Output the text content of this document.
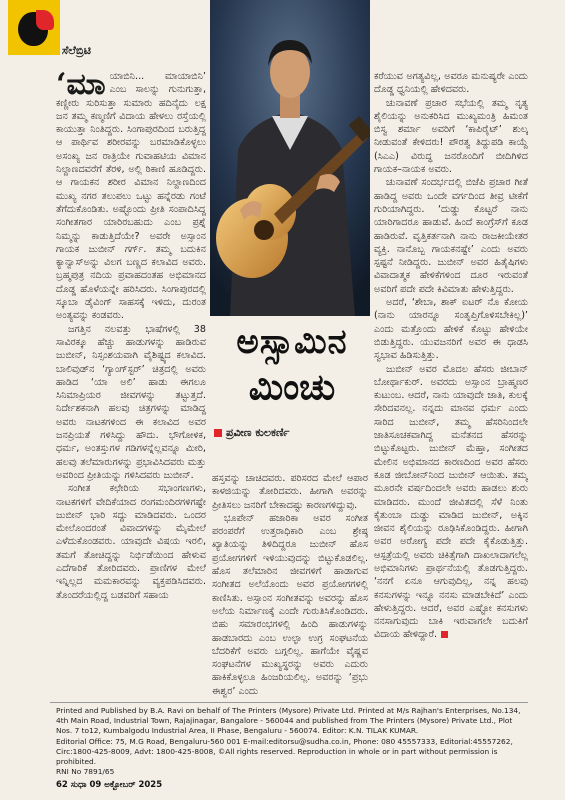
ಸೆಲೆಬ್ರಿಟಿ

‘ಮಾಯಾಬಿನಿ... ಮಾಯಾಬಿನಿ’ ಎಂಬ ಸಾಲನ್ನು ಗುನುಗುತ್ತಾ, ಕಣ್ಣೀರು ಸುರಿಸುತ್ತಾ ಸುಮಾರು ಹದಿನೈದು ಲಕ್ಷ ಜನ ತಮ್ಮ ಕಣ್ಮಣಿಗೆ ವಿದಾಯ ಹೇಳಲು ರಸ್ತೆಯಲ್ಲಿ ಕಾಯುತ್ತಾ ನಿಂತಿದ್ದರು. ಸಿಂಗಾಪುರದಿಂದ ಬರುತ್ತಿದ್ದ ಆ ಪಾರ್ಥಿವ ಶರೀರವನ್ನು ಬರಮಾಡಿಕೊಳ್ಳಲು ಅಸಂಖ್ಯ ಜನ ರಾತ್ರಿಯೇ ಗುವಾಹಟಿಯ ವಿಮಾನ ನಿಲ್ದಾಣದವರೆಗೆ ತೆರಳಿ, ಅಲ್ಲಿ ಠಿಕಾಣಿ ಹೂಡಿದ್ದರು. ಆ ಗಾಯಕನ ಶರೀರ ವಿಮಾನ ನಿಲ್ದಾಣದಿಂದ ಮುಖ್ಯ ನಗರ ತಲುಪಲು ಒಟ್ಟು ಹನ್ನೆರಡು ಗಂಟೆ ತೆಗೆದುಕೊಂಡಿತು. ಅಷ್ಟೊಂದು ಪ್ರೀತಿ ಸಂಪಾದಿಸಿದ್ದ ಸಂಗೀತಗಾರ ಯಾರಿರಬಹುದು ಎಂಬ ಪ್ರಶ್ನೆ ನಿಮ್ಮನ್ನು ಕಾಡುತ್ತಿದೆಯೇ? ಅವರೇ ಅಸ್ಸಾಂನ ಗಾಯಕ ಜುಬೀನ್ ಗರ್ಗ್. ತಮ್ಮ ಬದುಕಿನ ಕ್ಯಾನ್ವಾಸ್‌ಅನ್ನು ವಿಲಗ ಬಣ್ಣದ ಕಲಾವಿದ ಅವರು. ಬ್ರಹ್ಮಪುತ್ರ ನದಿಯ ಪ್ರವಾಹದಂತಹ ಅಭಿಮಾನದ ದೊಡ್ಡ ಹೊಳೆಯನ್ನೇ ಹರಿಸಿದರು. ಸಿಂಗಾಪುರದಲ್ಲಿ ಸ್ಕೂಬಾ ಡೈವಿಂಗ್ ಸಾಹಸಕ್ಕೆ ಇಳಿದು, ದುರಂತ ಅಂತ್ಯವನ್ನು ಕಂಡವರು.

ಜಗತ್ತಿನ ನಲವತ್ತು ಭಾಷೆಗಳಲ್ಲಿ 38 ಸಾವಿರಕ್ಕೂ ಹೆಚ್ಚು ಹಾಡುಗಳನ್ನು ಹಾಡಿರುವ ಜುಬೀನ್, ನಿಸ್ಸಂಶಯವಾಗಿ ವೈಶಿಷ್ಟ್ಯದ ಕಲಾವಿದ. ಬಾಲಿವುಡ್‌ನ ‘ಗ್ಯಾಂಗ್‌ಸ್ಟರ್’ ಚಿತ್ರದಲ್ಲಿ ಅವರು ಹಾಡಿದ ‘ಯಾ ಅಲಿ’ ಹಾಡು ಈಗಲೂ ಸಿನಿಮಾಪ್ರಿಯರ ಜೀವಗಳನ್ನು ತಟ್ಟುತ್ತದೆ. ನಿರ್ದೇಶಕನಾಗಿ ಹಲವು ಚಿತ್ರಗಳನ್ನು ಮಾಡಿದ್ದ ಅವರು ನಾಟಕಗಳಿಂದ ಈ ಕಲಾವಿದ ಅವರ ಜನಪ್ರಿಯತೆ ಗಳಿಸಿದ್ದು ಹೌದು. ಭೌಗೋಳಿಕ, ಧರ್ಮ, ಅಂತಸ್ತುಗಳ ಗಡಿಗಳನ್ನೆಲ್ಲವನ್ನೂ ಮೀರಿ, ಹಲವು ತಲೆಮಾರುಗಳನ್ನು ಪ್ರಭಾವಿಸಿದವರು ಮತ್ತು ಅವರಿಂದ ಪ್ರೀತಿಯನ್ನು ಗಳಿಸಿದವರು ಜುಬೀನ್.

ಸಂಗೀತ ಕಛೇರಿಯ ಸಭಾಂಗಣಗಳು, ನಾಟಕಗಳಿಗೆ ವೇದಿಕೆಯಾದ ರಂಗಮಂದಿರಗಳಿಗಷ್ಟೇ ಜುಬೀನ್ ಭಾರಿ ಸದ್ದು ಮಾಡಿದವರು. ಒಂದರ ಮೇಲೊಂದರಂತೆ ವಿವಾದಗಳನ್ನು ಮೈಮೇಲೆ ಎಳೆದುಕೊಂಡವರು. ಯಾವುದೇ ವಿಷಯ ಇರಲಿ, ತಮಗೆ ತೋಚಿದ್ದನ್ನು ನಿರ್ಭಿಡೆಯಿಂದ ಹೇಳುವ ಎದೆಗಾರಿಕೆ ತೋರಿದವರು. ಪ್ರಾಣಿಗಳ ಮೇಲೆ ಇನ್ನಿಲ್ಲದ ಮಮಕಾರವನ್ನು ವ್ಯಕ್ತಪಡಿಸಿದವರು. ತೊಂದರೆಯಲ್ಲಿದ್ದ ಬಡವರಿಗೆ ಸಹಾಯ

ಅಸ್ಸಾಮಿನ
ಮಿಂಚು
ಪ್ರವೀಣ ಕುಲಕರ್ಣಿ

ಹಸ್ತವನ್ನು ಚಾಚಿದವರು. ಪರಿಸರದ ಮೇಲೆ ಆಪಾರ ಕಾಳಜಿಯನ್ನು ತೋರಿದವರು. ಹೀಗಾಗಿ ಅವರನ್ನು ಪ್ರೀತಿಸಲು ಜನರಿಗೆ ಬೇಕಾದಷ್ಟು ಕಾರಣಗಳಿದ್ದುವು.

ಭೂಪೇನ್ ಹಜಾರಿಕಾ ಅವರ ಸಂಗೀತ ಪರಂಪರೆಗೆ ಉತ್ತರಾಧಿಕಾರಿ ಎಂಬ ಶ್ರೇಷ್ಠ ಖ್ಯಾತಿಯನ್ನು ತಿಳಿದಿದ್ದರೂ ಜುಬೀನ್ ಹೊಸ ಪ್ರಯೋಗಗಳಿಗೆ ಇಳಿಯುವುದನ್ನು ಬಿಟ್ಟುಕೊಡಲಿಲ್ಲ. ಹೊಸ ತಲೆಮಾರಿನ ಜೀವಗಳಿಗೆ ಹಾಡಾಗುವ ಸಂಗೀತದ ಅಲೆಯೊಂದು ಅವರ ಪ್ರಯೋಗಗಳಲ್ಲಿ ಕಾಣಿಸಿತು. ಅಸ್ಸಾಂನ ಸಂಗೀತವನ್ನು ಅವರನ್ನು ಹೊಸ ಅಲೆಯ ನಿರ್ಮಾಣಕ್ಕೆ ಎಂದೇ ಗುರುತಿಸಿಕೊಂಡಿದರು. ಬಿಹು ಸಮಾರಂಭಗಳಲ್ಲಿ ಹಿಂದಿ ಹಾಡುಗಳನ್ನು ಹಾಡಬಾರದು ಎಂಬ ಉಲ್ಫಾ ಉಗ್ರ ಸಂಘಟನೆಯ ಬೆದರಿಕೆಗೆ ಅವರು ಬಗ್ಗಲಿಲ್ಲ. ಹಾಗೆಯೇ ವೈಷ್ಣವ ಸಂಘಟನೆಗಳ ಮುಖ್ಯಸ್ಥರನ್ನು ಅವರು ಎದುರು ಹಾಕಿಕೊಳ್ಳಲೂ ಹಿಂಜರಿಯಲಿಲ್ಲ. ಅವರನ್ನು ‘ಪ್ರಭು ಈಶ್ವರ’ ಎಂದು

ಕರೆಯುವ ಅಗತ್ಯವಿಲ್ಲ, ಅವರೂ ಮನುಷ್ಯರೇ ಎಂದು ದೊಡ್ಡ ಧ್ವನಿಯಲ್ಲಿ ಹೇಳಿದವರು.

ಚುನಾವಣೆ ಪ್ರಚಾರ ಸಭೆಯಲ್ಲಿ ತಮ್ಮ ನೃತ್ಯ ಶೈಲಿಯನ್ನು ಅನುಕರಿಸಿದ ಮುಖ್ಯಮಂತ್ರಿ ಹಿಮಂತ ಬಿಸ್ವ ಶರ್ಮಾ ಅವರಿಗೆ ‘ಕಾಪಿರೈಟ್’ ಶುಲ್ಕ ನೀಡುವಂತೆ ಕೇಳಿದರು! ಪೌರತ್ವ ತಿದ್ದುಪಡಿ ಕಾಯ್ದೆ (ಸಿಎಎ) ವಿರುದ್ಧ ಜನರೊಂದಿಗೆ ಬೀದಿಗಿಳಿದ ಗಾಯಕ–ನಾಯಕ ಅವರು.

ಚುನಾವಣೆ ಸಂದರ್ಭದಲ್ಲಿ ಬಿಜೆಪಿ ಪ್ರಚಾರ ಗೀತೆ ಹಾಡಿದ್ದ ಅವರು ಒಂದೇ ವರ್ಗದಿಂದ ತೀವ್ರ ಟೀಕೆಗೆ ಗುರಿಯಾಗಿದ್ದರು. ‘ದುಡ್ಡು ಕೊಟ್ಟರೆ ನಾನು ಯಾರಿಗಾದರೂ ಹಾಡುವೆ. ಹಿಂದೆ ಕಾಂಗ್ರೆಸ್‌ಗೆ ಕೂಡ ಹಾಡಿರುವೆ. ವೃತ್ತಿಕರ್ತನಾಗಿ ನಾನು ರಾಜಕೀಯೇತರ ವ್ಯಕ್ತಿ. ನಾನೊಬ್ಬ ಗಾಯಕನಷ್ಟೇ’ ಎಂದು ಅವರು ಸ್ಪಷ್ಟನೆ ನೀಡಿದ್ದರು. ಜುಬೀನ್ ಅವರ ಹಿತೈಷಿಗಳು ವಿವಾದಾತ್ಮಕ ಹೇಳಿಕೆಗಳಿಂದ ದೂರ ಇರುವಂತೆ ಅವರಿಗೆ ಪದೇ ಪದೇ ಕಿವಿಮಾತು ಹೇಳುತ್ತಿದ್ದರು.

ಅದರೆ, ‘ಶೇಬಾ, ಶಾಕ್ ಐಟರ್ ನೊ ಕೋಯ (ನಾನು ಯಾರನ್ನೂ ಸಂತೃಪ್ತಿಗೊಳಿಸಬೇಕಿಲ್ಲ)’ ಎಂದು ಮತ್ತೊಂದು ಹೇಳಿಕೆ ಕೊಟ್ಟು ಹೇಳಿಯೇ ಬಿಡುತ್ತಿದ್ದರು. ಯುವಜನರಿಗೆ ಅವರ ಈ ಧಾಡಸಿ ಸ್ವಭಾವ ಹಿಡಿಸುತ್ತಿತ್ತು.

ಜುಬೀನ್ ಅವರ ಮೊದಲ ಹೆಸರು ಜೀಬಾನ್ ಬೋರ್ಥಾಕುರ್. ಅವರದು ಅಸ್ಸಾಂನ ಬ್ರಾಹ್ಮಣರ ಕುಟುಂಬ. ಆದರೆ, ನಾನು ಯಾವುದೇ ಜಾತಿ, ಕುಲಕ್ಕೆ ಸೇರಿದವನಲ್ಲ. ನನ್ನದು ಮಾನವ ಧರ್ಮ ಎಂದು ಸಾರಿದ ಜುಬೀನ್, ತಮ್ಮ ಹೆಸರಿನಿಂದಲೇ ಜಾತಿಸೂಚಕವಾಗಿದ್ದ ಮನೆತನದ ಹೆಸರನ್ನು ಬಿಟ್ಟುಕೊಟ್ಟರು. ಜುಬೀನ್ ಮೆಹ್ತಾ, ಸಂಗೀತದ ಮೇಲಿನ ಅಭಿಮಾನದ ಕಾರಣದಿಂದ ಅವರ ಹೆಸರು ಕೂಡ ಜೀಬೋನ್‌ನಿಂದ ಜುಬೀನ್ ಆಯಿತು. ತಮ್ಮ ಮೂರನೇ ವರ್ಷದಿಂದಲೇ ಅವರು ಹಾಡಲು ಶುರು ಮಾಡಿದರು. ಮುಂದೆ ಜೀವಿತದಲ್ಲಿ ಸೆಳೆ ನಿಂತು ಕೈತುಂಬಾ ದುಡ್ಡು ಮಾಡಿದ ಜುಬೀನ್, ಅಕ್ಕಿನ ಜೀವನ ಶೈಲಿಯನ್ನು ರೂಢಿಸಿಕೊಂಡಿದ್ದರು. ಹೀಗಾಗಿ ಅವರ ಅರೋಗ್ಯ ಪದೇ ಪದೇ ಕೈಕೊಡುತ್ತಿತ್ತು. ಆಸ್ಪತ್ರೆಯಲ್ಲಿ ಅವರು ಚಿಕಿತ್ಸೆಗಾಗಿ ದಾಖಲಾದಾಗಲೆಲ್ಲ ಅಭಿಮಾನಿಗಳು ಪ್ರಾರ್ಥನೆಯಲ್ಲಿ ತೊಡಗುತ್ತಿದ್ದರು. ‘ನನಗೆ ಏನೂ ಆಗುವುದಿಲ್ಲ, ನನ್ನ ಹಲವು ಕನಸುಗಳನ್ನು ಇನ್ನೂ ನನಸು ಮಾಡಬೇಕಿದೆ’ ಎಂದು ಹೇಳುತ್ತಿದ್ದರು. ಆದರೆ, ಅವರ ಎಷ್ಟೋ ಕನಸುಗಳು ನನಸಾಗುವುದು ಬಾಕಿ ಇರುವಾಗಲೇ ಬದುಕಿಗೆ ವಿದಾಯ ಹೇಳಿದ್ದಾರೆ.

Printed and Published by B.A. Ravi on behalf of The Printers (Mysore) Private Ltd. Printed at M/s Rajhan's Enterprises, No.134, 4th Main Road, Industrial Town, Rajajinagar, Bangalore - 560044 and published from The Printers (Mysore) Private Ltd., Plot Nos. 7 to12, Kumbalgodu Industrial Area, II Phase, Bengaluru - 560074. Editor: K.N. TILAK KUMAR.
Editorial Office: 75, M.G Road, Bengaluru-560 001 E-mail:editorsu@sudha.co.in, Phone: 080 45557333, Editorial:45557262,
Circ:1800-425-8009, Advt: 1800-425-8008, ©All rights reserved. Reproduction in whole or in part without permission is prohibited.
RNI No 7891/65
62 ಸುಧಾ 09 ಅಕ್ಟೋಬರ್ 2025
